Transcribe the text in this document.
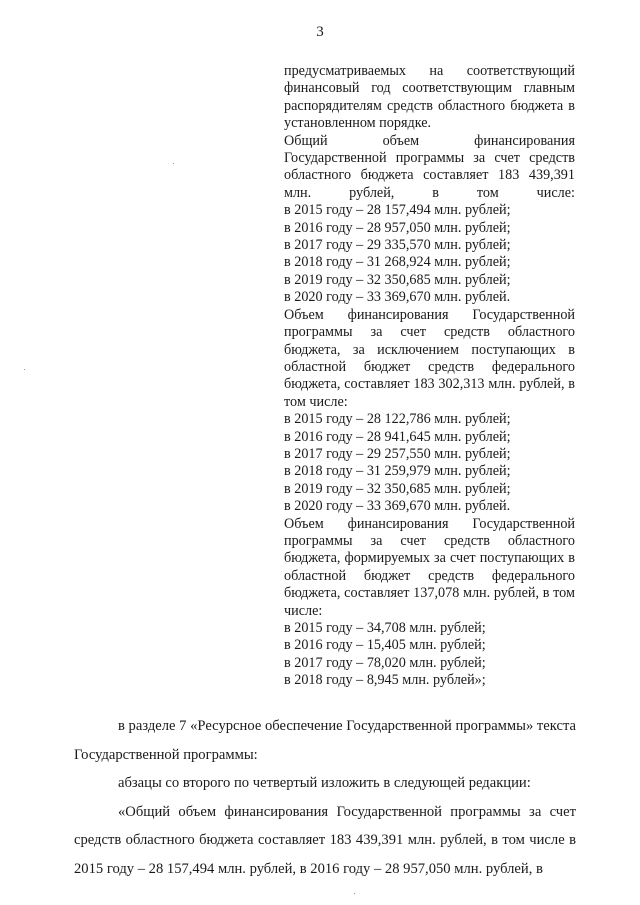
3

предусматриваемых на соответствующий финансовый год соответствующим главным распорядителям средств областного бюджета в установленном порядке.

Общий объем финансирования Государственной программы за счет средств областного бюджета составляет 183 439,391 млн. рублей, в том числе:

в 2015 году – 28 157,494 млн. рублей;

в 2016 году – 28 957,050 млн. рублей;

в 2017 году – 29 335,570 млн. рублей;

в 2018 году – 31 268,924 млн. рублей;

в 2019 году – 32 350,685 млн. рублей;

в 2020 году – 33 369,670 млн. рублей.

Объем финансирования Государственной программы за счет средств областного бюджета, за исключением поступающих в областной бюджет средств федерального бюджета, составляет 183 302,313 млн. рублей, в том числе:

в 2015 году – 28 122,786 млн. рублей;

в 2016 году – 28 941,645 млн. рублей;

в 2017 году – 29 257,550 млн. рублей;

в 2018 году – 31 259,979 млн. рублей;

в 2019 году – 32 350,685 млн. рублей;

в 2020 году – 33 369,670 млн. рублей.

Объем финансирования Государственной программы за счет средств областного бюджета, формируемых за счет поступающих в областной бюджет средств федерального бюджета, составляет 137,078 млн. рублей, в том числе:

в 2015 году – 34,708 млн. рублей;

в 2016 году – 15,405 млн. рублей;

в 2017 году – 78,020 млн. рублей;

в 2018 году – 8,945 млн. рублей»;

в разделе 7 «Ресурсное обеспечение Государственной программы» текста Государственной программы:

абзацы со второго по четвертый изложить в следующей редакции:

«Общий объем финансирования Государственной программы за счет средств областного бюджета составляет 183 439,391 млн. рублей, в том числе в 2015 году – 28 157,494 млн. рублей, в 2016 году – 28 957,050 млн. рублей, в
